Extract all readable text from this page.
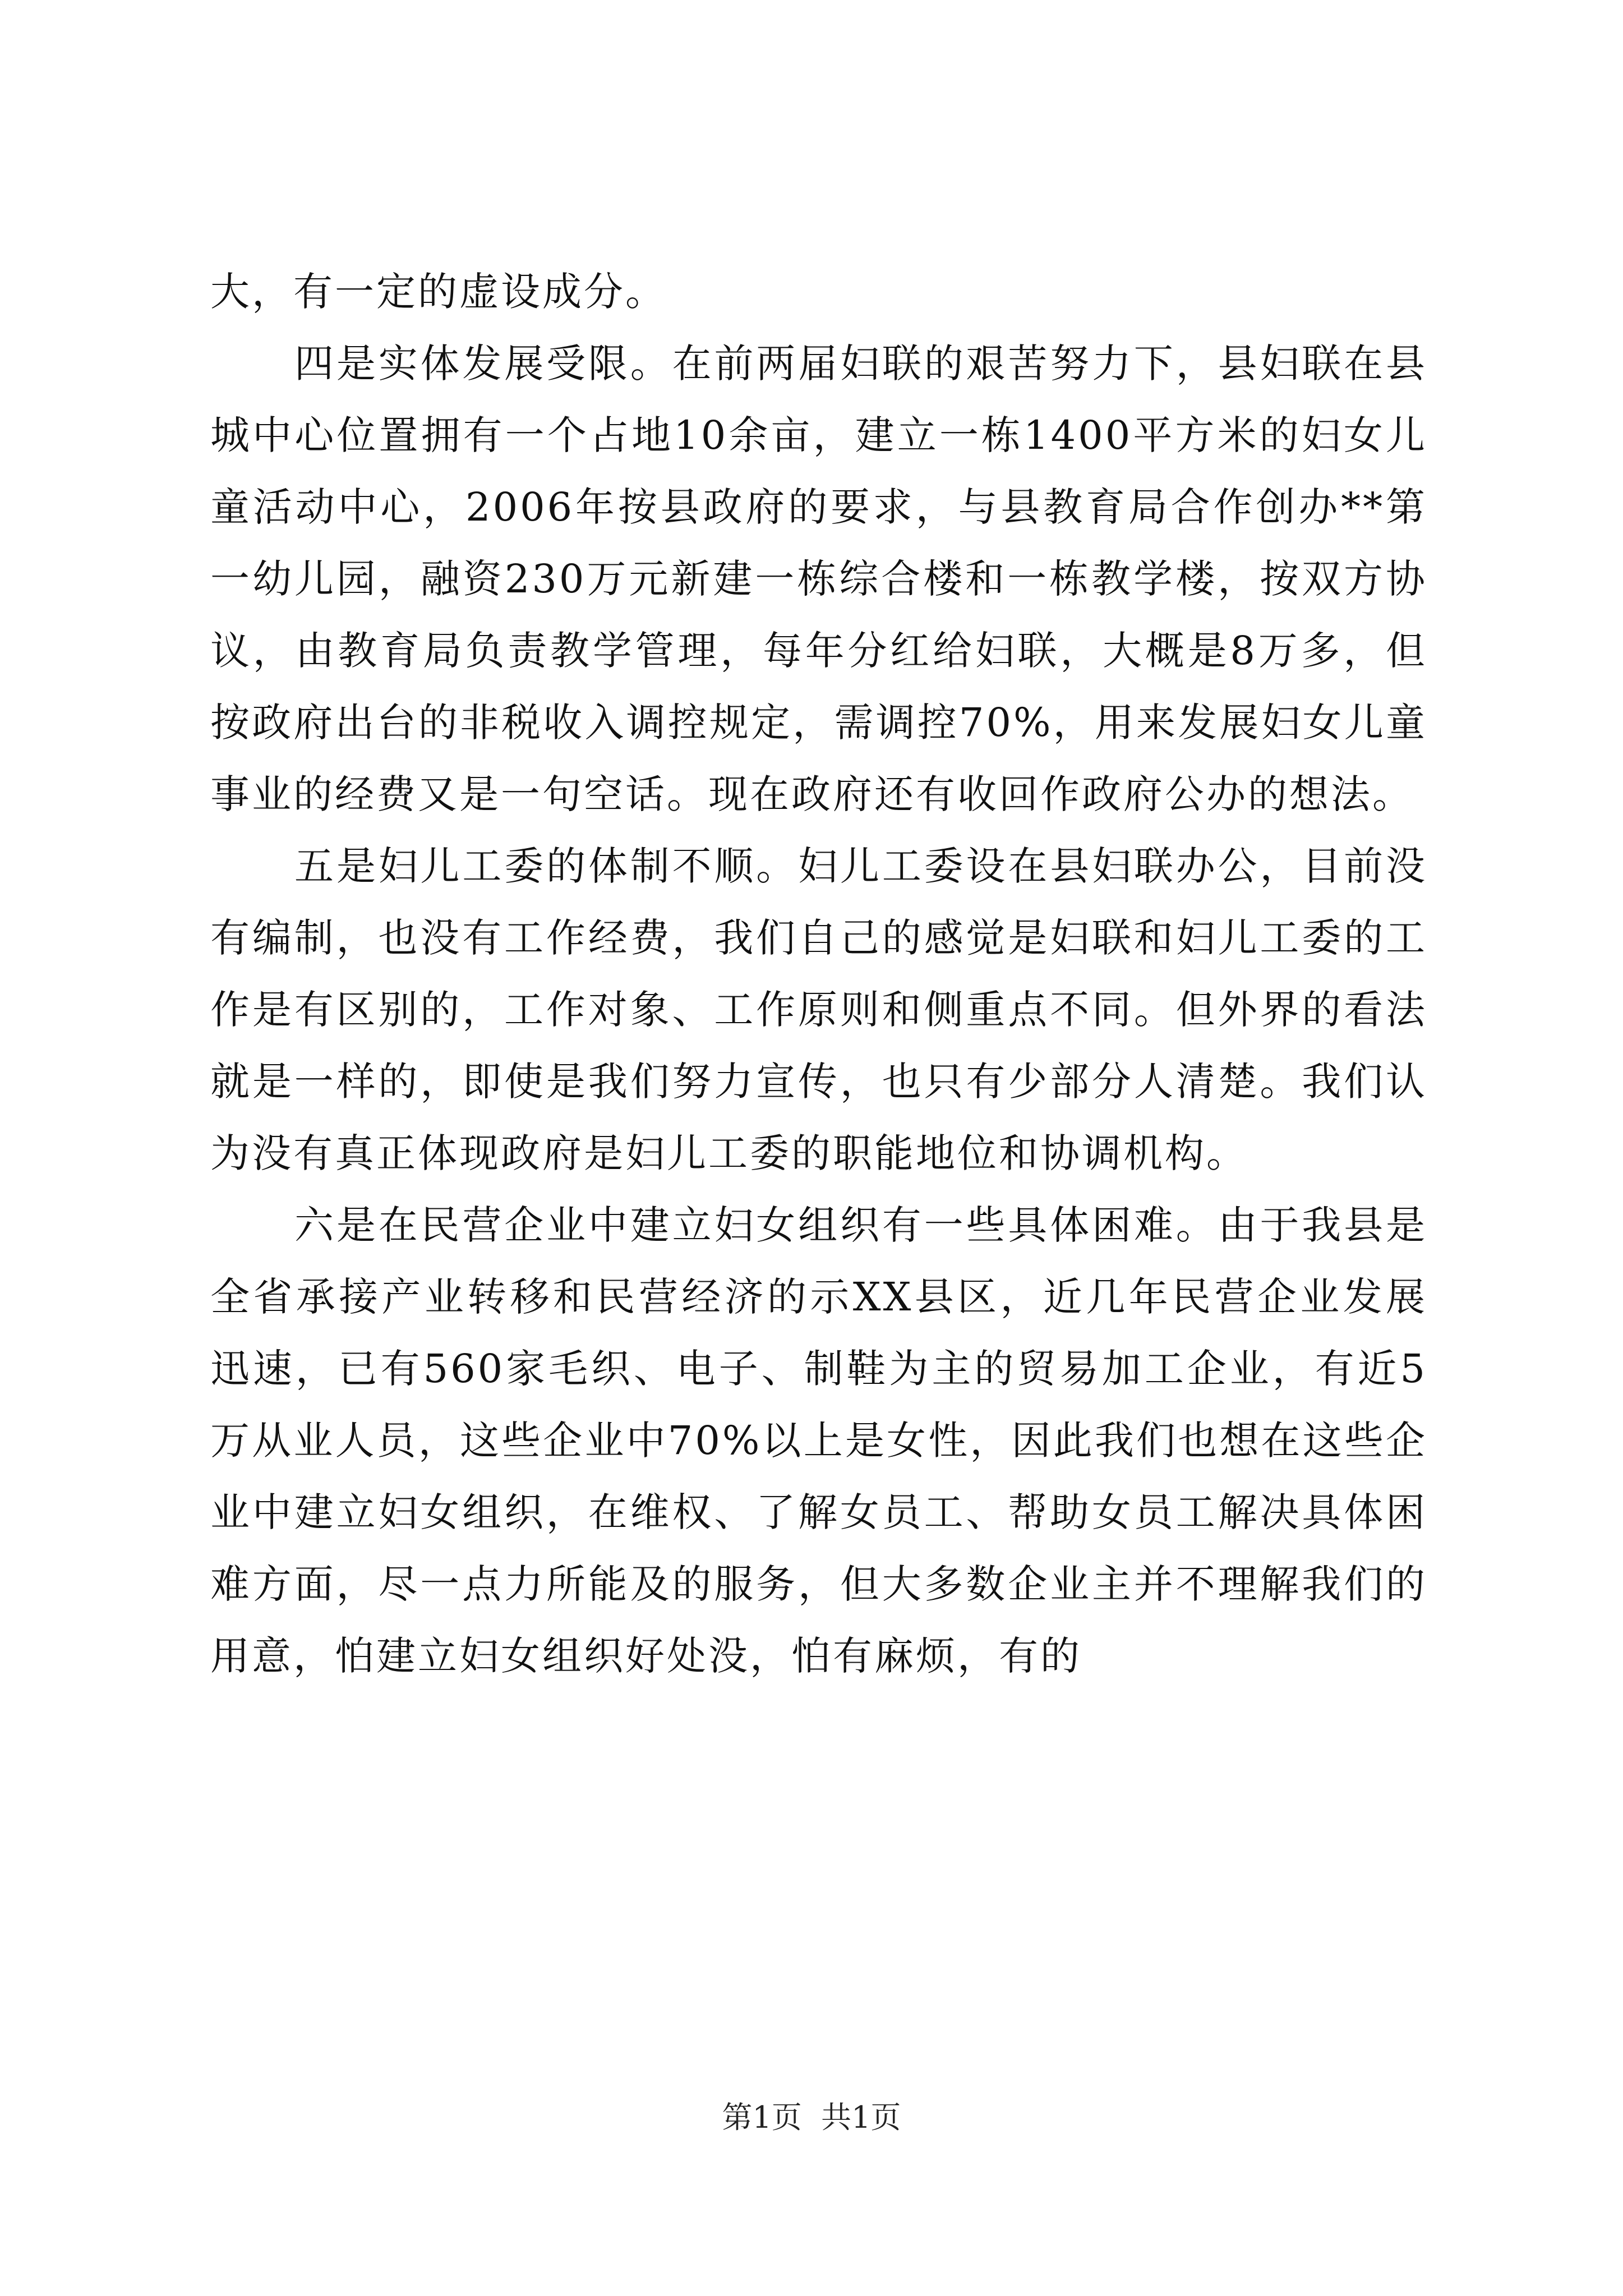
大，有一定的虚设成分。

四是实体发展受限。在前两届妇联的艰苦努力下，县妇联在县城中心位置拥有一个占地10余亩，建立一栋1400平方米的妇女儿童活动中心，2006年按县政府的要求，与县教育局合作创办**第一幼儿园，融资230万元新建一栋综合楼和一栋教学楼，按双方协议，由教育局负责教学管理，每年分红给妇联，大概是8万多，但按政府出台的非税收入调控规定，需调控70%，用来发展妇女儿童事业的经费又是一句空话。现在政府还有收回作政府公办的想法。

五是妇儿工委的体制不顺。妇儿工委设在县妇联办公，目前没有编制，也没有工作经费，我们自己的感觉是妇联和妇儿工委的工作是有区别的，工作对象、工作原则和侧重点不同。但外界的看法就是一样的，即使是我们努力宣传，也只有少部分人清楚。我们认为没有真正体现政府是妇儿工委的职能地位和协调机构。

六是在民营企业中建立妇女组织有一些具体困难。由于我县是全省承接产业转移和民营经济的示XX县区，近几年民营企业发展迅速，已有560家毛织、电子、制鞋为主的贸易加工企业，有近5万从业人员，这些企业中70%以上是女性，因此我们也想在这些企业中建立妇女组织，在维权、了解女员工、帮助女员工解决具体困难方面，尽一点力所能及的服务，但大多数企业主并不理解我们的用意，怕建立妇女组织好处没，怕有麻烦，有的

第1页  共1页
